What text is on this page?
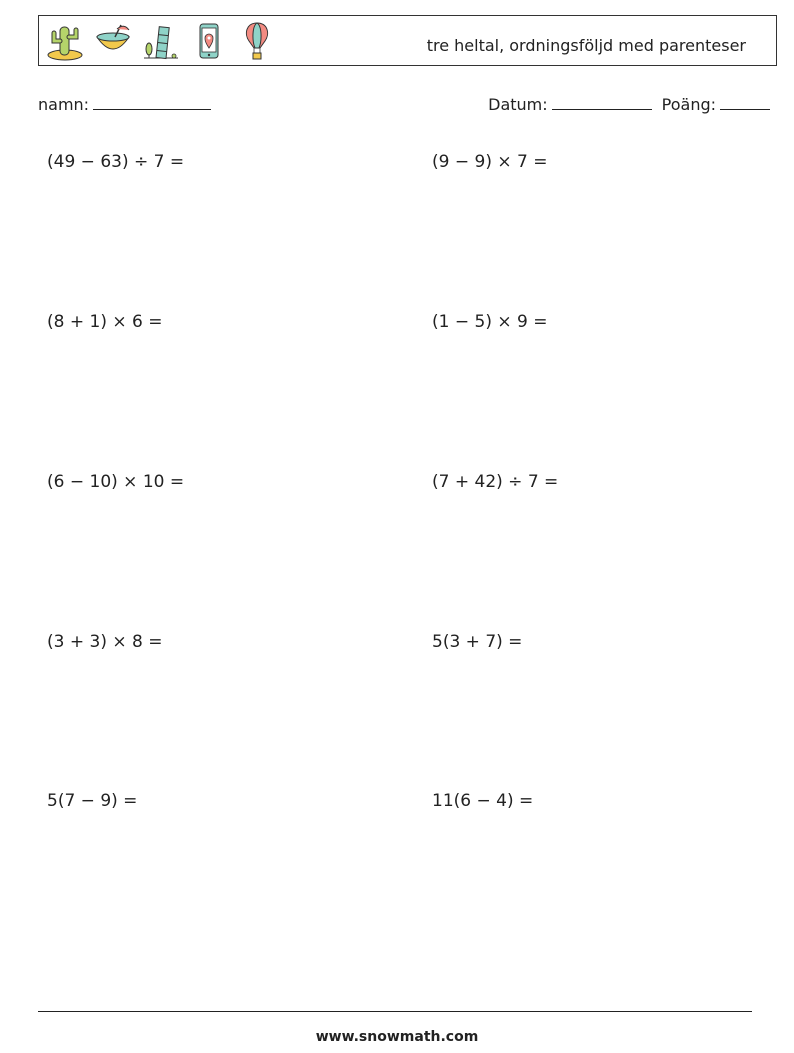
tre heltal, ordningsföljd med parenteser
namn:	Datum:	Poäng:
(49 − 63) ÷ 7 =	(9 − 9) × 7 =
(8 + 1) × 6 =	(1 − 5) × 9 =
(6 − 10) × 10 =	(7 + 42) ÷ 7 =
(3 + 3) × 8 =	5(3 + 7) =
5(7 − 9) =	11(6 − 4) =
www.snowmath.com
